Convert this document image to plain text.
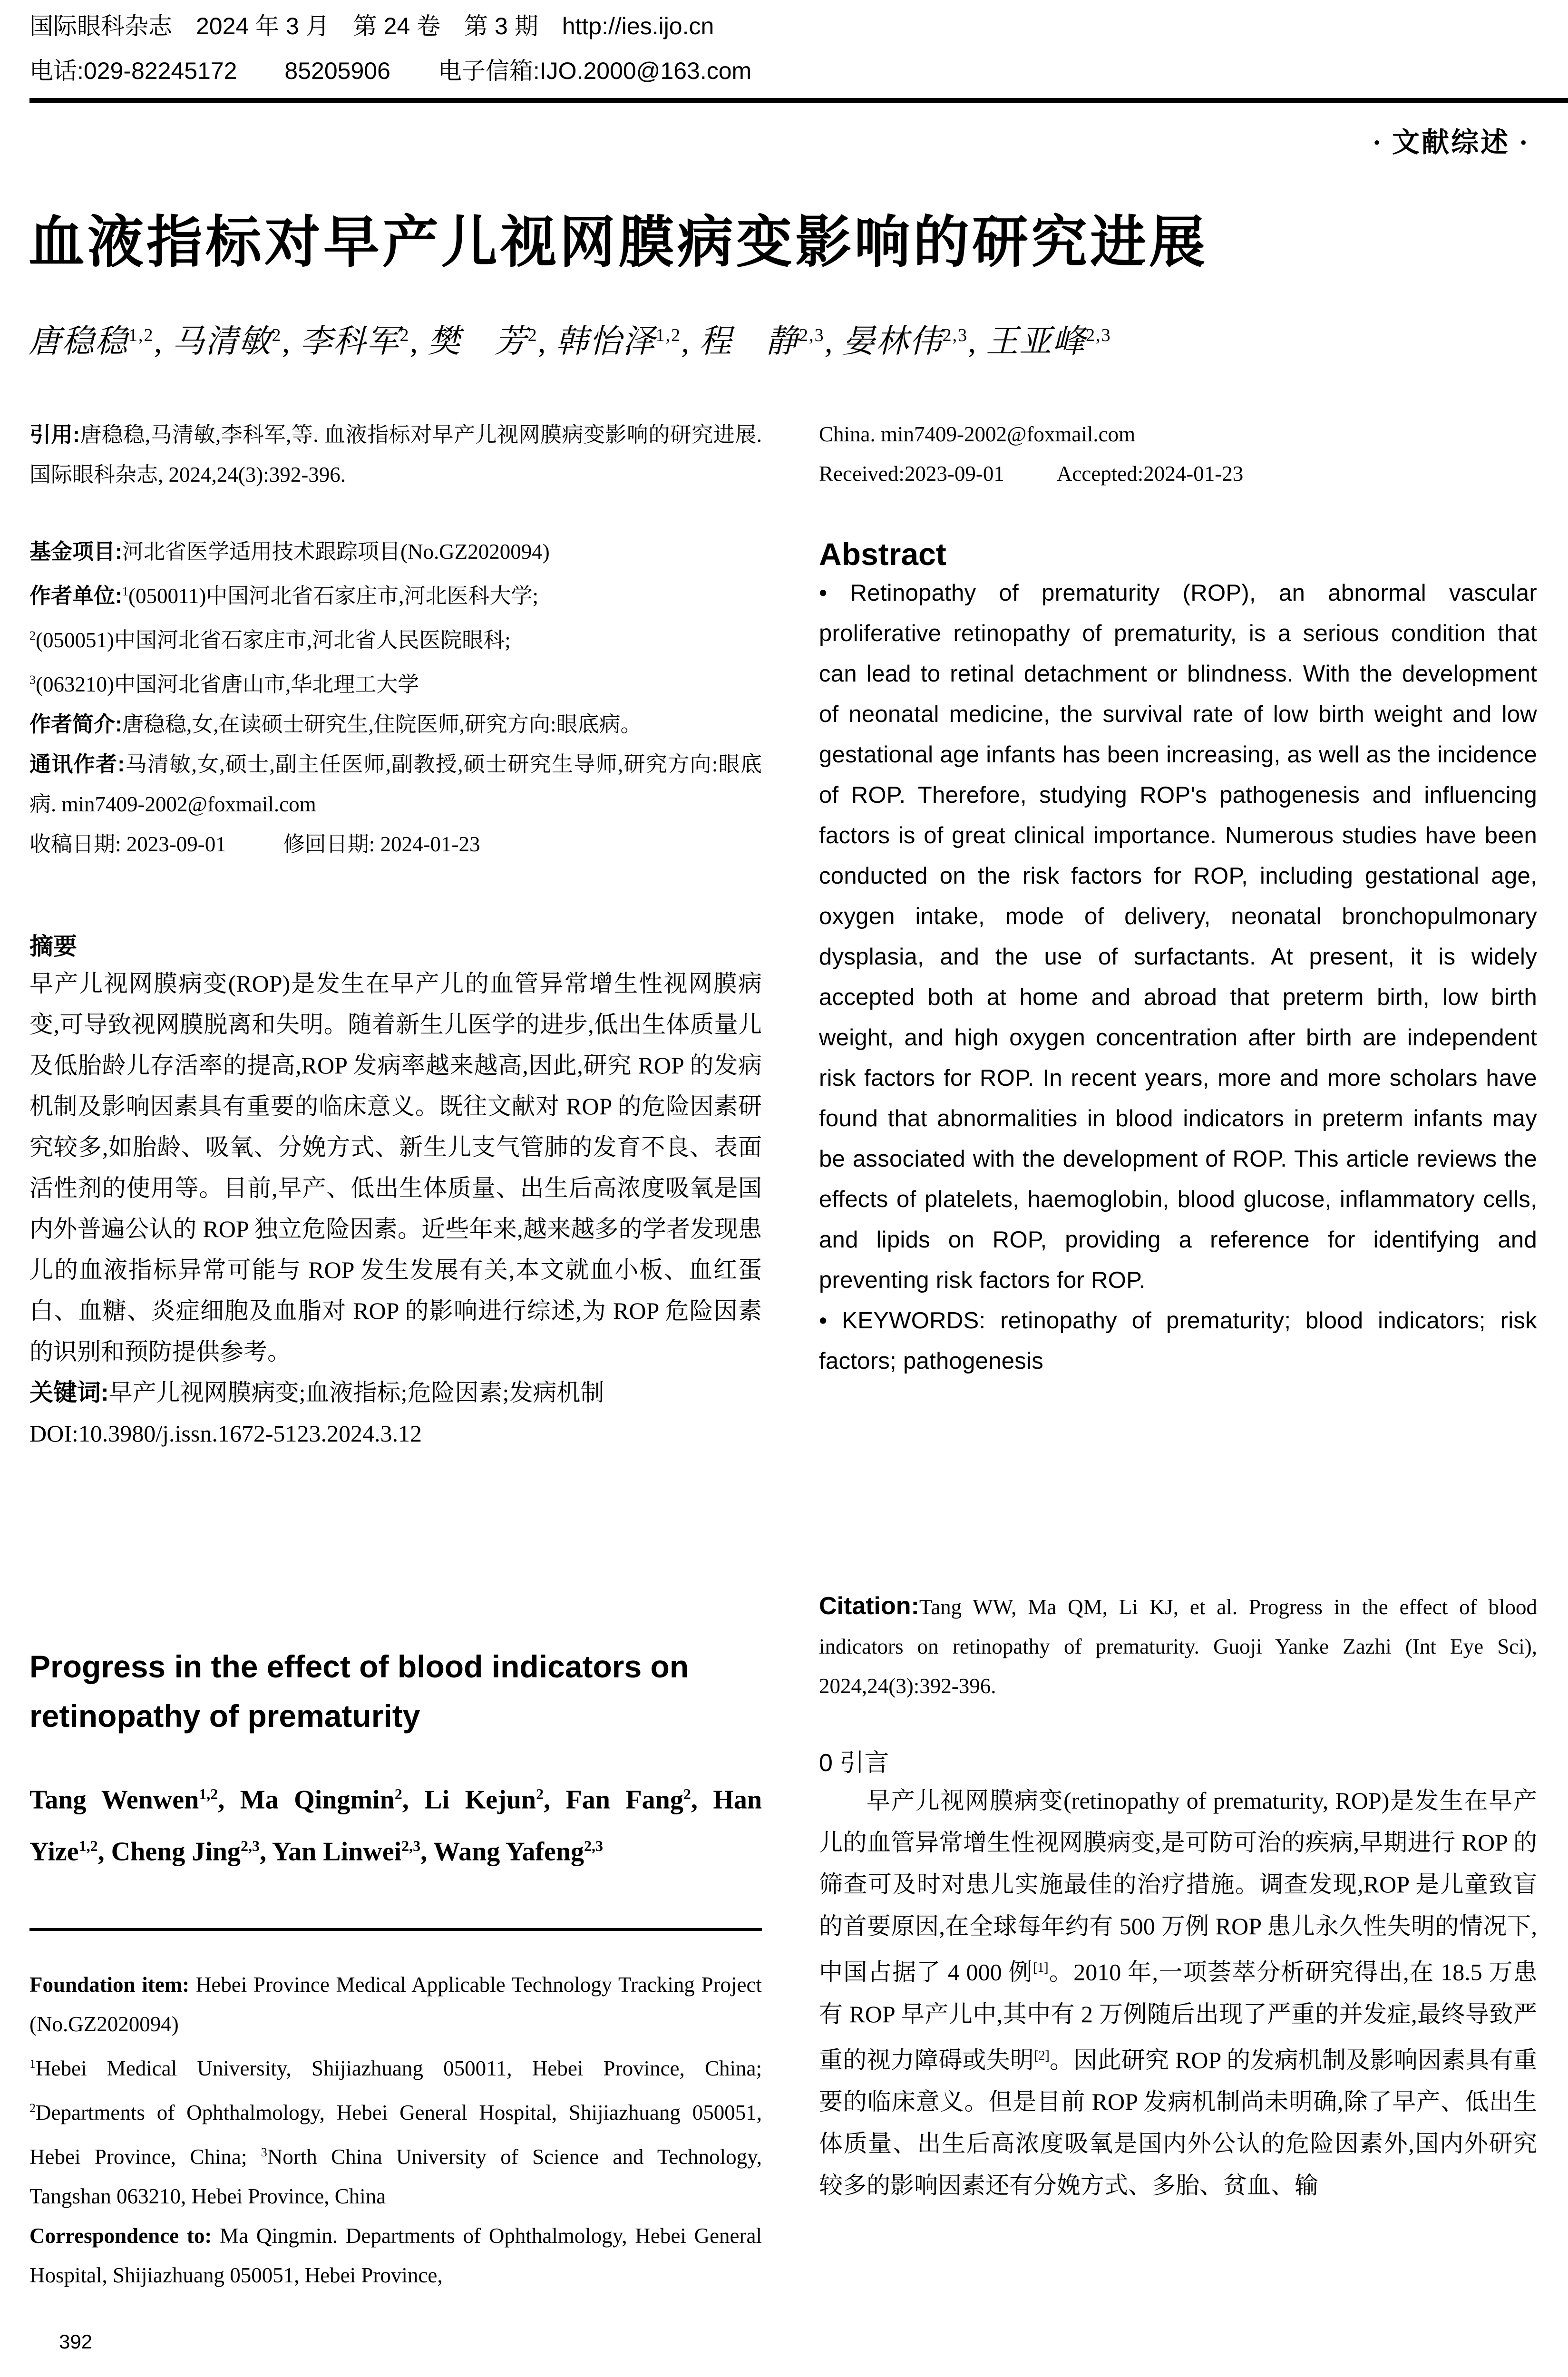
国际眼科杂志　2024 年 3 月　第 24 卷　第 3 期　http://ies.ijo.cn
电话:029-82245172　　85205906　　电子信箱:IJO.2000@163.com
· 文献综述 ·
血液指标对早产儿视网膜病变影响的研究进展
唐稳稳$^{1,2}$, 马清敏$^2$, 李科军$^2$, 樊　芳$^2$, 韩怡泽$^{1,2}$, 程　静$^{2,3}$, 晏林伟$^{2,3}$, 王亚峰$^{2,3}$

引用:唐稳稳,马清敏,李科军,等. 血液指标对早产儿视网膜病变影响的研究进展. 国际眼科杂志, 2024,24(3):392-396.

基金项目:河北省医学适用技术跟踪项目(No.GZ2020094)

作者单位:$^1$(050011)中国河北省石家庄市,河北医科大学;
$^2$(050051)中国河北省石家庄市,河北省人民医院眼科;
$^3$(063210)中国河北省唐山市,华北理工大学

作者简介:唐稳稳,女,在读硕士研究生,住院医师,研究方向:眼底病。

通讯作者:马清敏,女,硕士,副主任医师,副教授,硕士研究生导师,研究方向:眼底病. min7409-2002@foxmail.com

收稿日期: 2023-09-01	修回日期: 2024-01-23

摘要

早产儿视网膜病变(ROP)是发生在早产儿的血管异常增生性视网膜病变,可导致视网膜脱离和失明。随着新生儿医学的进步,低出生体质量儿及低胎龄儿存活率的提高,ROP 发病率越来越高,因此,研究 ROP 的发病机制及影响因素具有重要的临床意义。既往文献对 ROP 的危险因素研究较多,如胎龄、吸氧、分娩方式、新生儿支气管肺的发育不良、表面活性剂的使用等。目前,早产、低出生体质量、出生后高浓度吸氧是国内外普遍公认的 ROP 独立危险因素。近些年来,越来越多的学者发现患儿的血液指标异常可能与 ROP 发生发展有关,本文就血小板、血红蛋白、血糖、炎症细胞及血脂对 ROP 的影响进行综述,为 ROP 危险因素的识别和预防提供参考。

关键词:早产儿视网膜病变;血液指标;危险因素;发病机制

DOI:10.3980/j.issn.1672-5123.2024.3.12

Progress in the effect of blood indicators on retinopathy of prematurity
Tang Wenwen$^{1,2}$, Ma Qingmin$^2$, Li Kejun$^2$, Fan Fang$^2$, Han Yize$^{1,2}$, Cheng Jing$^{2,3}$, Yan Linwei$^{2,3}$, Wang Yafeng$^{2,3}$

Foundation item: Hebei Province Medical Applicable Technology Tracking Project (No.GZ2020094)

$^1$Hebei Medical University, Shijiazhuang 050011, Hebei Province, China; $^2$Departments of Ophthalmology, Hebei General Hospital, Shijiazhuang 050051, Hebei Province, China; $^3$North China University of Science and Technology, Tangshan 063210, Hebei Province, China

Correspondence to: Ma Qingmin. Departments of Ophthalmology, Hebei General Hospital, Shijiazhuang 050051, Hebei Province,

392

China. min7409-2002@foxmail.com

Received:2023-09-01 Accepted:2024-01-23

Abstract

• Retinopathy of prematurity (ROP), an abnormal vascular proliferative retinopathy of prematurity, is a serious condition that can lead to retinal detachment or blindness. With the development of neonatal medicine, the survival rate of low birth weight and low gestational age infants has been increasing, as well as the incidence of ROP. Therefore, studying ROP's pathogenesis and influencing factors is of great clinical importance. Numerous studies have been conducted on the risk factors for ROP, including gestational age, oxygen intake, mode of delivery, neonatal bronchopulmonary dysplasia, and the use of surfactants. At present, it is widely accepted both at home and abroad that preterm birth, low birth weight, and high oxygen concentration after birth are independent risk factors for ROP. In recent years, more and more scholars have found that abnormalities in blood indicators in preterm infants may be associated with the development of ROP. This article reviews the effects of platelets, haemoglobin, blood glucose, inflammatory cells, and lipids on ROP, providing a reference for identifying and preventing risk factors for ROP.

• KEYWORDS: retinopathy of prematurity; blood indicators; risk factors; pathogenesis

Citation:Tang WW, Ma QM, Li KJ, et al. Progress in the effect of blood indicators on retinopathy of prematurity. Guoji Yanke Zazhi (Int Eye Sci), 2024,24(3):392-396.

0 引言

早产儿视网膜病变(retinopathy of prematurity, ROP)是发生在早产儿的血管异常增生性视网膜病变,是可防可治的疾病,早期进行 ROP 的筛查可及时对患儿实施最佳的治疗措施。调查发现,ROP 是儿童致盲的首要原因,在全球每年约有 500 万例 ROP 患儿永久性失明的情况下,中国占据了 4 000 例[1]。2010 年,一项荟萃分析研究得出,在 18.5 万患有 ROP 早产儿中,其中有 2 万例随后出现了严重的并发症,最终导致严重的视力障碍或失明[2]。因此研究 ROP 的发病机制及影响因素具有重要的临床意义。但是目前 ROP 发病机制尚未明确,除了早产、低出生体质量、出生后高浓度吸氧是国内外公认的危险因素外,国内外研究较多的影响因素还有分娩方式、多胎、贫血、输
